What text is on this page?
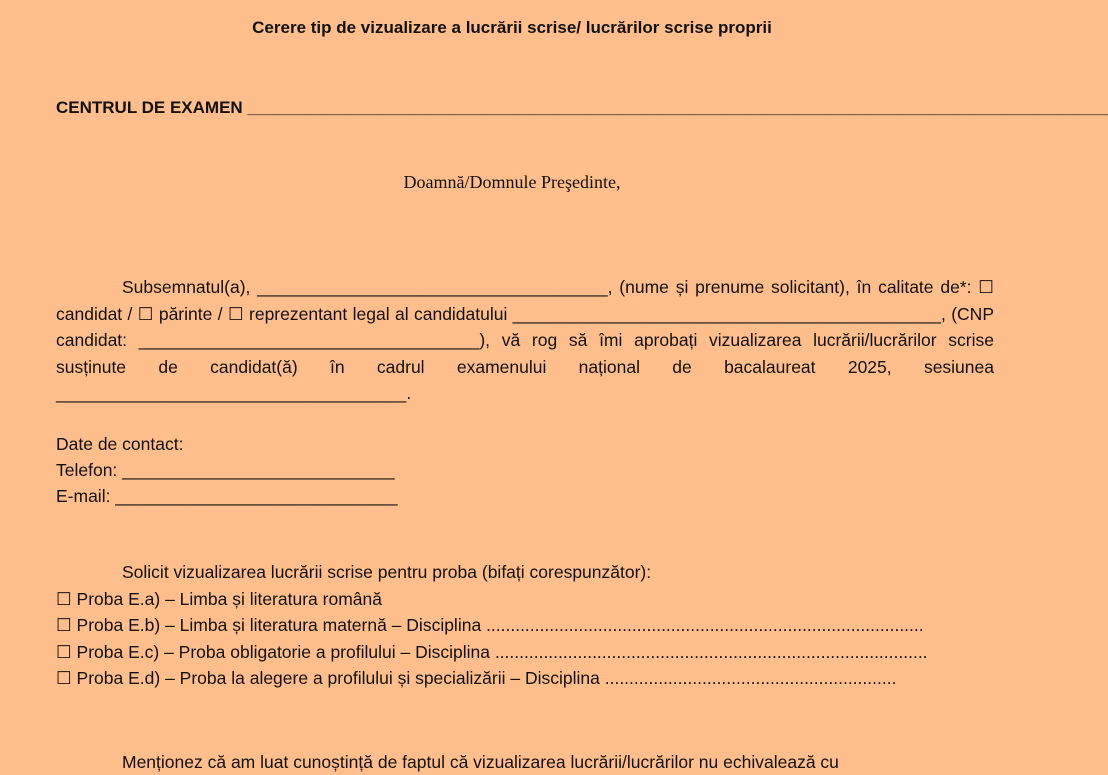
Cerere tip de vizualizare a lucrării scrise/ lucrărilor scrise proprii
CENTRUL DE EXAMEN ___________________________________________________________________________________________
Doamnă/Domnule Preşedinte,
Subsemnatul(a), ____________________________________, (nume și prenume solicitant), în calitate de*: ☐ candidat / ☐ părinte / ☐ reprezentant legal al candidatului ____________________________________________, (CNP candidat: ___________________________________), vă rog să îmi aprobați vizualizarea lucrării/lucrărilor scrise susținute de candidat(ă) în cadrul examenului național de bacalaureat 2025, sesiunea ____________________________________.
Date de contact:
Telefon: ____________________________
E-mail: _____________________________
Solicit vizualizarea lucrării scrise pentru proba (bifați corespunzător):
☐ Proba E.a) – Limba și literatura română
☐ Proba E.b) – Limba și literatura maternă – Disciplina ..........................................................................................
☐ Proba E.c) – Proba obligatorie a profilului – Disciplina .........................................................................................
☐ Proba E.d) – Proba la alegere a profilului și specializării – Disciplina ............................................................
Menționez că am luat cunoștință de faptul că vizualizarea lucrării/lucrărilor nu echivalează cu
